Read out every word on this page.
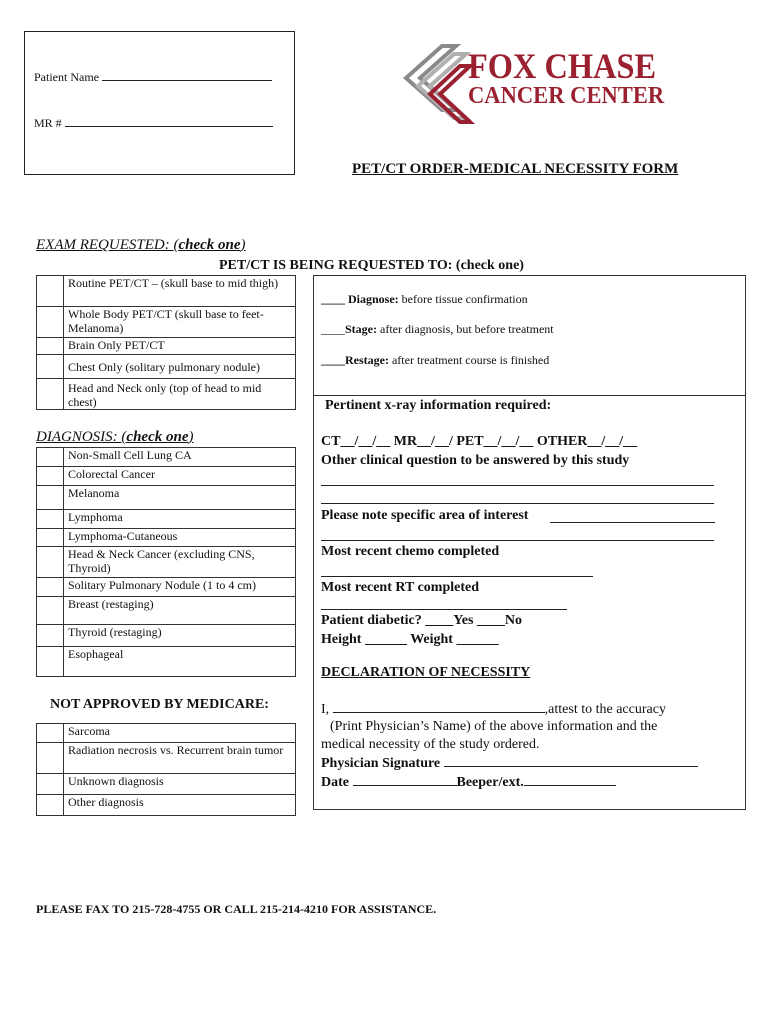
Patient Name
MR #
FOX CHASE
CANCER CENTER
PET/CT ORDER-MEDICAL NECESSITY FORM
EXAM REQUESTED: (check one)
PET/CT IS BEING REQUESTED TO: (check one)
	Routine PET/CT – (skull base to mid thigh)
	Whole Body PET/CT (skull base to feet- Melanoma)
	Brain Only PET/CT
	Chest Only (solitary pulmonary nodule)
	Head and Neck only (top of head to mid chest)
____ Diagnose: before tissue confirmation
____Stage: after diagnosis, but before treatment
____Restage: after treatment course is finished
Pertinent x-ray information required:
CT__/__/__ MR__/__/ PET__/__/__ OTHER__/__/__
Other clinical question to be answered by this study
Please note specific area of interest
Most recent chemo completed
Most recent RT completed
Patient diabetic? ____Yes ____No
Height ______ Weight ______
DECLARATION OF NECESSITY
I,	,attest to the accuracy
(Print Physician’s Name) of the above information and the
medical necessity of the study ordered.
Physician Signature
Date	Beeper/ext.
DIAGNOSIS: (check one)
	Non-Small Cell Lung CA
	Colorectal Cancer
	Melanoma
	Lymphoma
	Lymphoma-Cutaneous
	Head & Neck Cancer (excluding CNS, Thyroid)
	Solitary Pulmonary Nodule (1 to 4 cm)
	Breast (restaging)
	Thyroid (restaging)
	Esophageal
NOT APPROVED BY MEDICARE:
	Sarcoma
	Radiation necrosis vs. Recurrent brain tumor
	Unknown diagnosis
	Other diagnosis
PLEASE FAX TO 215-728-4755 OR CALL 215-214-4210 FOR ASSISTANCE.
